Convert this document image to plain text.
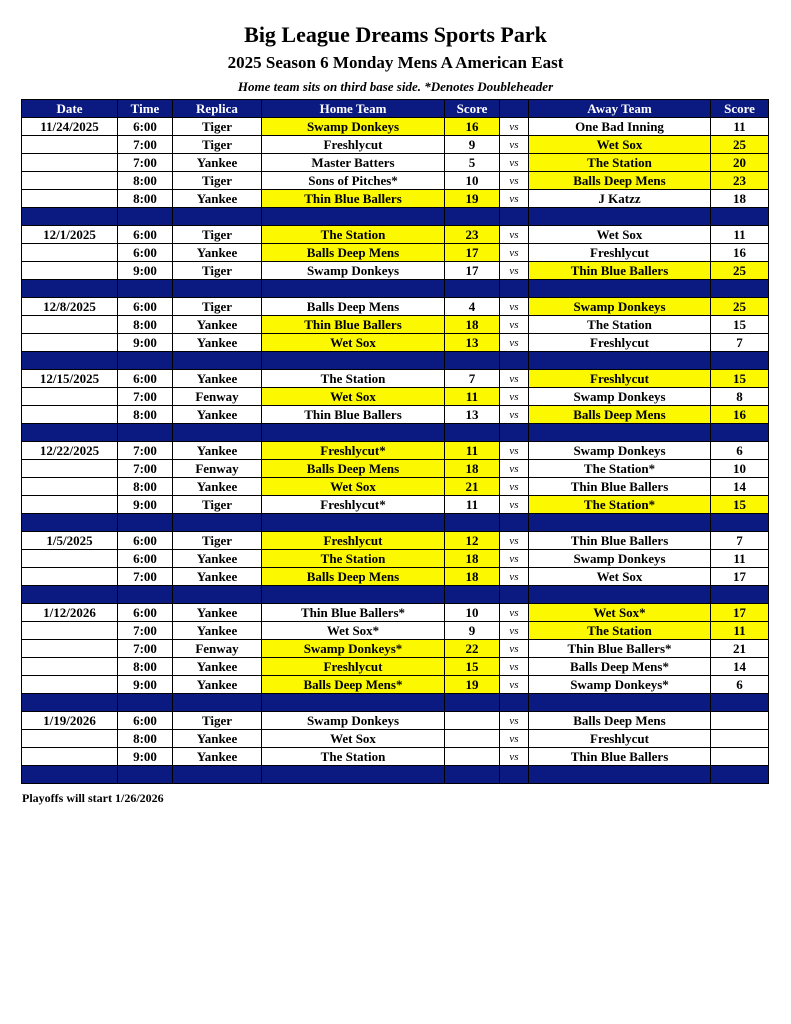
Big League Dreams Sports Park
2025 Season 6 Monday Mens A American East
Home team sits on third base side. *Denotes Doubleheader
Date	Time	Replica	Home Team	Score		Away Team	Score
11/24/2025	6:00	Tiger	Swamp Donkeys	16	vs	One Bad Inning	11
	7:00	Tiger	Freshlycut	9	vs	Wet Sox	25
	7:00	Yankee	Master Batters	5	vs	The Station	20
	8:00	Tiger	Sons of Pitches*	10	vs	Balls Deep Mens	23
	8:00	Yankee	Thin Blue Ballers	19	vs	J Katzz	18

12/1/2025	6:00	Tiger	The Station	23	vs	Wet Sox	11
	6:00	Yankee	Balls Deep Mens	17	vs	Freshlycut	16
	9:00	Tiger	Swamp Donkeys	17	vs	Thin Blue Ballers	25

12/8/2025	6:00	Tiger	Balls Deep Mens	4	vs	Swamp Donkeys	25
	8:00	Yankee	Thin Blue Ballers	18	vs	The Station	15
	9:00	Yankee	Wet Sox	13	vs	Freshlycut	7

12/15/2025	6:00	Yankee	The Station	7	vs	Freshlycut	15
	7:00	Fenway	Wet Sox	11	vs	Swamp Donkeys	8
	8:00	Yankee	Thin Blue Ballers	13	vs	Balls Deep Mens	16

12/22/2025	7:00	Yankee	Freshlycut*	11	vs	Swamp Donkeys	6
	7:00	Fenway	Balls Deep Mens	18	vs	The Station*	10
	8:00	Yankee	Wet Sox	21	vs	Thin Blue Ballers	14
	9:00	Tiger	Freshlycut*	11	vs	The Station*	15

1/5/2025	6:00	Tiger	Freshlycut	12	vs	Thin Blue Ballers	7
	6:00	Yankee	The Station	18	vs	Swamp Donkeys	11
	7:00	Yankee	Balls Deep Mens	18	vs	Wet Sox	17

1/12/2026	6:00	Yankee	Thin Blue Ballers*	10	vs	Wet Sox*	17
	7:00	Yankee	Wet Sox*	9	vs	The Station	11
	7:00	Fenway	Swamp Donkeys*	22	vs	Thin Blue Ballers*	21
	8:00	Yankee	Freshlycut	15	vs	Balls Deep Mens*	14
	9:00	Yankee	Balls Deep Mens*	19	vs	Swamp Donkeys*	6

1/19/2026	6:00	Tiger	Swamp Donkeys		vs	Balls Deep Mens	
	8:00	Yankee	Wet Sox		vs	Freshlycut	
	9:00	Yankee	The Station		vs	Thin Blue Ballers	

Playoffs will start 1/26/2026
